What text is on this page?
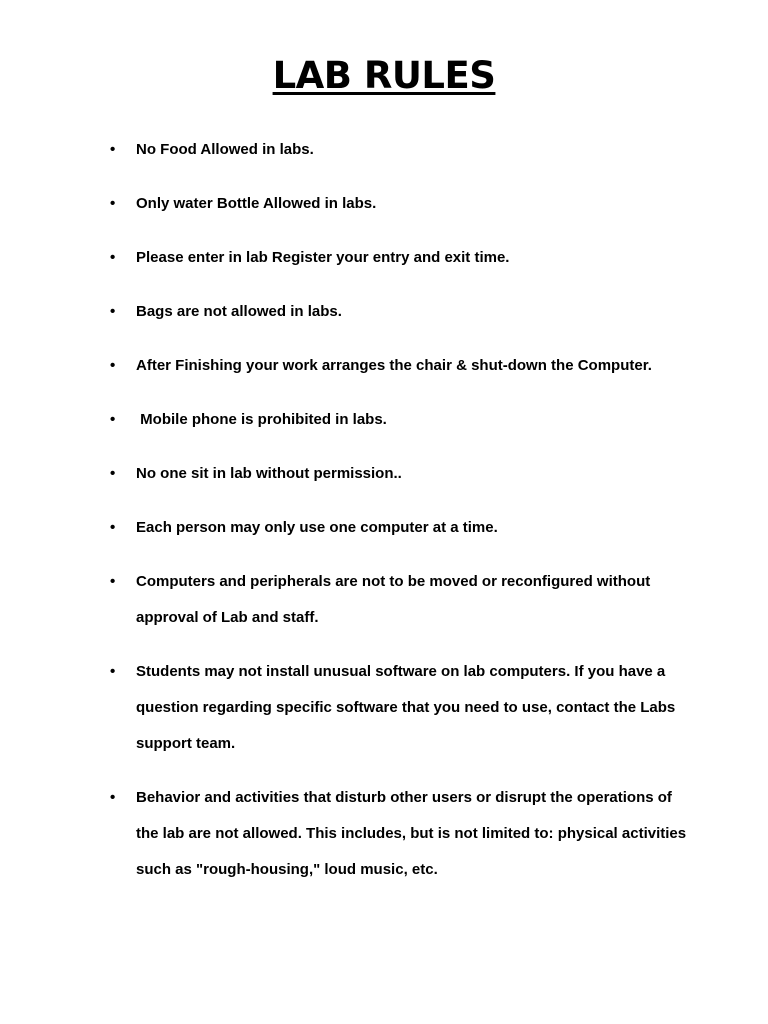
LAB RULES
• No Food Allowed in labs.
• Only water Bottle Allowed in labs.
• Please enter in lab Register your entry and exit time.
• Bags are not allowed in labs.
• After Finishing your work arranges the chair & shut-down the Computer.
• Mobile phone is prohibited in labs.
• No one sit in lab without permission..
• Each person may only use one computer at a time.
• Computers and peripherals are not to be moved or reconfigured without approval of Lab and staff.
• Students may not install unusual software on lab computers. If you have a question regarding specific software that you need to use, contact the Labs support team.
• Behavior and activities that disturb other users or disrupt the operations of the lab are not allowed. This includes, but is not limited to: physical activities such as "rough-housing," loud music, etc.
